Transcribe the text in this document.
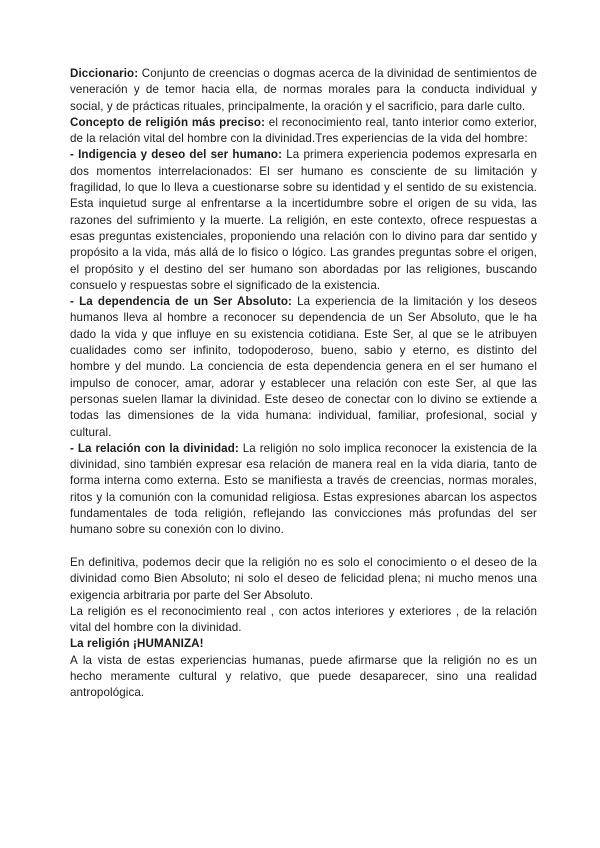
Diccionario: Conjunto de creencias o dogmas acerca de la divinidad de sentimientos de veneración y de temor hacia ella, de normas morales para la conducta individual y social, y de prácticas rituales, principalmente, la oración y el sacrificio, para darle culto.

Concepto de religión más preciso: el reconocimiento real, tanto interior como exterior, de la relación vital del hombre con la divinidad.Tres experiencias de la vida del hombre:

- Indigencia y deseo del ser humano: La primera experiencia podemos expresarla en dos momentos interrelacionados: El ser humano es consciente de su limitación y fragilidad, lo que lo lleva a cuestionarse sobre su identidad y el sentido de su existencia. Esta inquietud surge al enfrentarse a la incertidumbre sobre el origen de su vida, las razones del sufrimiento y la muerte. La religión, en este contexto, ofrece respuestas a esas preguntas existenciales, proponiendo una relación con lo divino para dar sentido y propósito a la vida, más allá de lo fisico o lógico. Las grandes preguntas sobre el origen, el propósito y el destino del ser humano son abordadas por las religiones, buscando consuelo y respuestas sobre el significado de la existencia.

- La dependencia de un Ser Absoluto: La experiencia de la limitación y los deseos humanos lleva al hombre a reconocer su dependencia de un Ser Absoluto, que le ha dado la vida y que influye en su existencia cotidiana. Este Ser, al que se le atribuyen cualidades como ser infinito, todopoderoso, bueno, sabio y eterno, es distinto del hombre y del mundo. La conciencia de esta dependencia genera en el ser humano el impulso de conocer, amar, adorar y establecer una relación con este Ser, al que las personas suelen llamar la divinidad. Este deseo de conectar con lo divino se extiende a todas las dimensiones de la vida humana: individual, familiar, profesional, social y cultural.

- La relación con la divinidad: La religión no solo implica reconocer la existencia de la divinidad, sino también expresar esa relación de manera real en la vida diaria, tanto de forma interna como externa. Esto se manifiesta a través de creencias, normas morales, ritos y la comunión con la comunidad religiosa. Estas expresiones abarcan los aspectos fundamentales de toda religión, reflejando las convicciones más profundas del ser humano sobre su conexión con lo divino.

En definitiva, podemos decir que la religión no es solo el conocimiento o el deseo de la divinidad como Bien Absoluto; ni solo el deseo de felicidad plena; ni mucho menos una exigencia arbitraria por parte del Ser Absoluto.

La religión es el reconocimiento real , con actos interiores y exteriores , de la relación vital del hombre con la divinidad.

La religión ¡HUMANIZA!

A la vista de estas experiencias humanas, puede afirmarse que la religión no es un hecho meramente cultural y relativo, que puede desaparecer, sino una realidad antropológica.
